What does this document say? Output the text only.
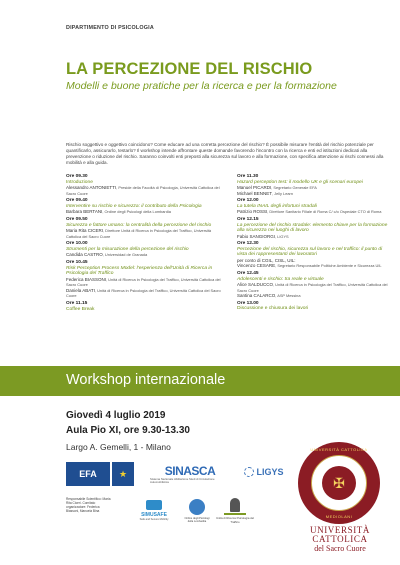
DIPARTIMENTO DI PSICOLOGIA
LA PERCEZIONE DEL RISCHIO
Modelli e buone pratiche per la ricerca e per la formazione
Rischio soggettivo e oggettivo coincidono? Come educare ad una corretta percezione del rischio? È possibile misurare l'entità del rischio potenziale per quantificarlo, assicurarlo, testarlo? Il workshop intende affrontare queste domande favorendo l'incontro con la ricerca e enti ed istituzioni dedicati alla prevenzione o riduzione del rischio. Saranno coinvolti enti preposti alla sicurezza sul lavoro e alla formazione, con specifica attenzione ai rischi connessi alla mobilità e alla guida.
Ore 09.30
Introduzione
Alessandro ANTONIETTI, Preside della Facoltà di Psicologia, Università Cattolica del Sacro Cuore
Ore 09.40
Interventire su rischio e sicurezza: il contributo della Psicologia
Barbara BERTANI, Ordine degli Psicologi della Lombardia
Ore 09.50
Sicurezza e fattore umano: la centralità della percezione del rischio
Maria Rita CICERI, Direttore Unità di Ricerca in Psicologia del Traffico, Università Cattolica del Sacro Cuore
Ore 10.00
Strumenti per la misurazione della percezione del rischio
Candida CASTRO, Universidad de Granada
Ore 10.45
Risk Perception Process Model: l'esperienza dell'Unità di Ricerca in Psicologia del Traffico
Federica BIASSONI, Unità di Ricerca in Psicologia del Traffico, Università Cattolica del Sacro Cuore
Daniela ABATI, Unità di Ricerca in Psicologia del Traffico, Università Cattolica del Sacro Cuore
Ore 11.15
Coffee Break
Ore 11.30
Hazard perception test: il modello UK e gli scenari europei
Manuel PICARDI, Segretario Generale EFA
Michael BENNET, Jelly Learn
Ore 12.00
La tutela INAIL degli infortuni stradali
Patrizio ROSSI, Direttore Sanitario Filiale di Roma C/ c/o Ospedale CTO di Roma
Ore 12.15
La percezione del rischio stradale: elemento chiave per la formazione alla sicurezza nei luoghi di lavoro
Fabio SANGIORGI, LIGYS
Ore 12.30
Percezione del rischio, sicurezza sul lavoro e nel traffico: il punto di vista dei rappresentanti dei lavoratori
per conto di CGIL, CISL, UIL:
Vincenzo CESARE, Segretario Responsabile Politiche Ambiente e Sicurezza UIL
Ore 12.45
Adolescenti e rischio: tra reale e virtuale
Alice SALDUCCO, Unità di Ricerca in Psicologia del Traffico, Università Cattolica del Sacro Cuore
Santina CALARCO, ASP Messina
Ore 13.00
Discussione e chiusura dei lavori
Workshop internazionale
Giovedì 4 luglio 2019
Aula Pio XI, ore 9.30-13.30
Largo A. Gemelli, 1 - Milano
EFA ★	SINASCA
Sistema Nazionale Abilitazione Studi di Circolazione Automobilistica
LIGYS
Responsabile Scientifico: Maria Rita Ciceri. Comitato organizzatore: Federica Biassoni, Manuela Bina
SIMUSAFE
Safe and Secure Mobility	Ordine degli Psicologi della Lombardia
Unità di Ricerca Psicologia del Traffico
UNIVERSITÀ CATTOLICA
✠
MEDIOLANI
UNIVERSITÀ
CATTOLICA
del Sacro Cuore
